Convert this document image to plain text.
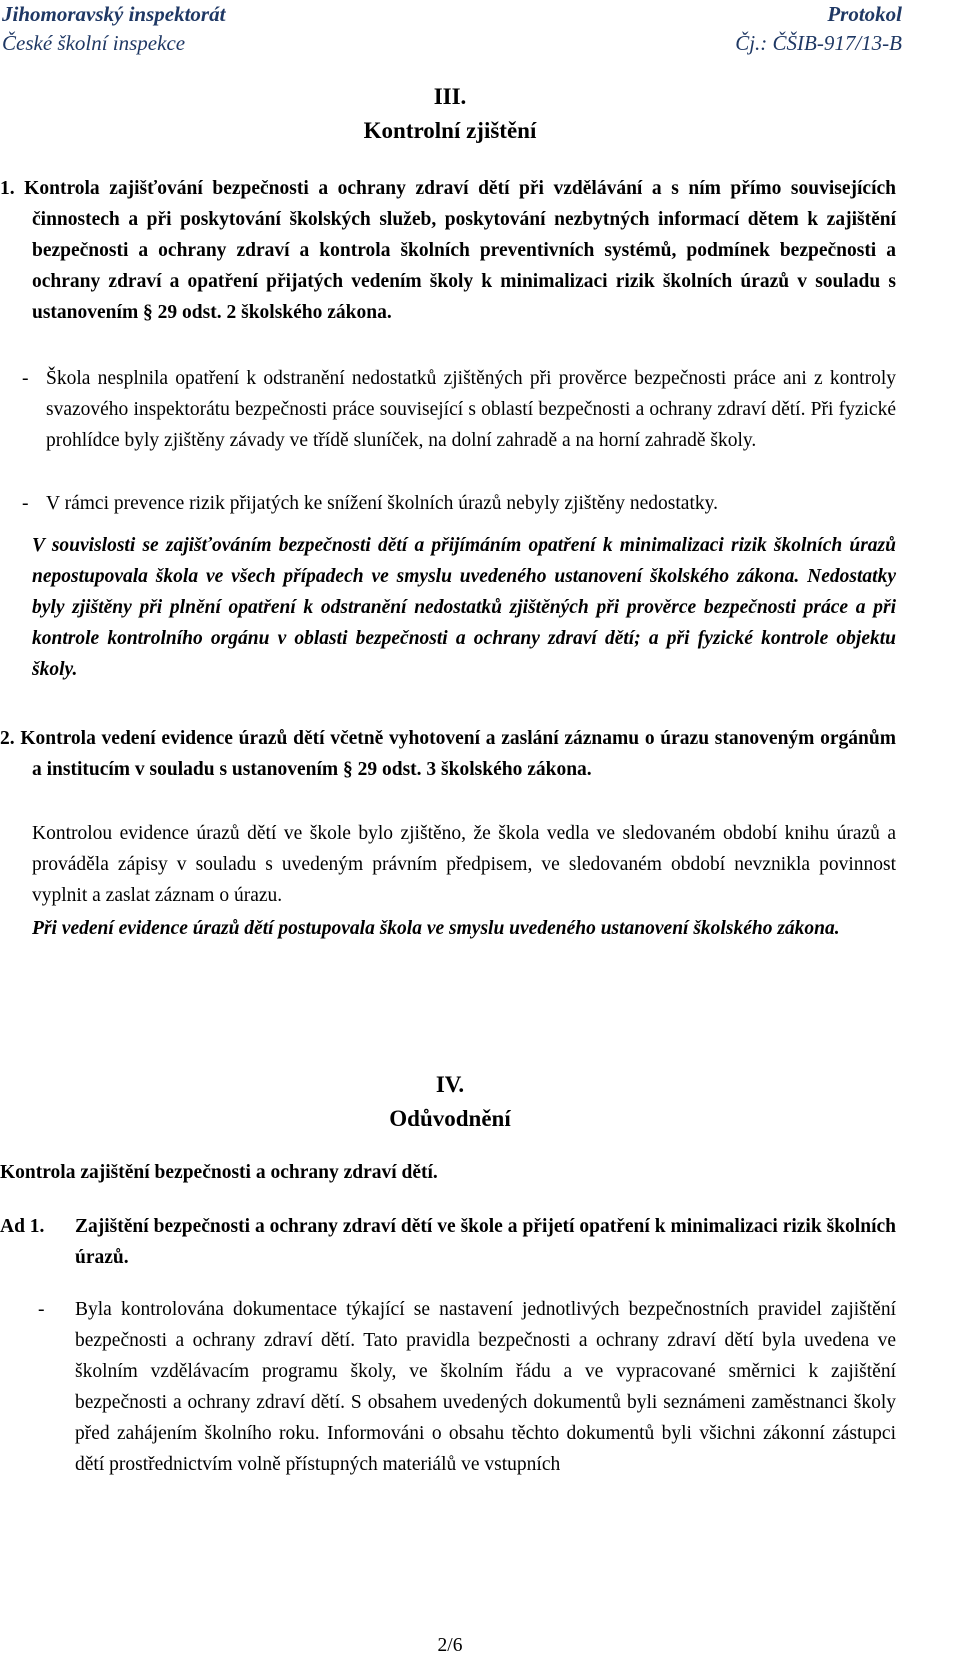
Jihomoravský inspektorát
České školní inspekce
Protokol
Čj.: ČŠIB-917/13-B
III.
Kontrolní zjištění

1. Kontrola zajišťování bezpečnosti a ochrany zdraví dětí při vzdělávání a s ním přímo souvisejících činnostech a při poskytování školských služeb, poskytování nezbytných informací dětem k zajištění bezpečnosti a ochrany zdraví a kontrola školních preventivních systémů, podmínek bezpečnosti a ochrany zdraví a opatření přijatých vedením školy k minimalizaci rizik školních úrazů v souladu s ustanovením § 29 odst. 2 školského zákona.

- Škola nesplnila opatření k odstranění nedostatků zjištěných při prověrce bezpečnosti práce ani z kontroly svazového inspektorátu bezpečnosti práce související s oblastí bezpečnosti a ochrany zdraví dětí. Při fyzické prohlídce byly zjištěny závady ve třídě sluníček, na dolní zahradě a na horní zahradě školy.

- V rámci prevence rizik přijatých ke snížení školních úrazů nebyly zjištěny nedostatky.

V souvislosti se zajišťováním bezpečnosti dětí a přijímáním opatření k minimalizaci rizik školních úrazů nepostupovala škola ve všech případech ve smyslu uvedeného ustanovení školského zákona. Nedostatky byly zjištěny při plnění opatření k odstranění nedostatků zjištěných při prověrce bezpečnosti práce a při kontrole kontrolního orgánu v oblasti bezpečnosti a ochrany zdraví dětí; a při fyzické kontrole objektu školy.

2. Kontrola vedení evidence úrazů dětí včetně vyhotovení a zaslání záznamu o úrazu stanoveným orgánům a institucím v souladu s ustanovením § 29 odst. 3 školského zákona.

Kontrolou evidence úrazů dětí ve škole bylo zjištěno, že škola vedla ve sledovaném období knihu úrazů a prováděla zápisy v souladu s uvedeným právním předpisem, ve sledovaném období nevznikla povinnost vyplnit a zaslat záznam o úrazu.
Při vedení evidence úrazů dětí postupovala škola ve smyslu uvedeného ustanovení školského zákona.
IV.
Odůvodnění
Kontrola zajištění bezpečnosti a ochrany zdraví dětí.

Ad 1. Zajištění bezpečnosti a ochrany zdraví dětí ve škole a přijetí opatření k minimalizaci rizik školních úrazů.

- Byla kontrolována dokumentace týkající se nastavení jednotlivých bezpečnostních pravidel zajištění bezpečnosti a ochrany zdraví dětí. Tato pravidla bezpečnosti a ochrany zdraví dětí byla uvedena ve školním vzdělávacím programu školy, ve školním řádu a ve vypracované směrnici k zajištění bezpečnosti a ochrany zdraví dětí. S obsahem uvedených dokumentů byli seznámeni zaměstnanci školy před zahájením školního roku. Informováni o obsahu těchto dokumentů byli všichni zákonní zástupci dětí prostřednictvím volně přístupných materiálů ve vstupních

2/6
